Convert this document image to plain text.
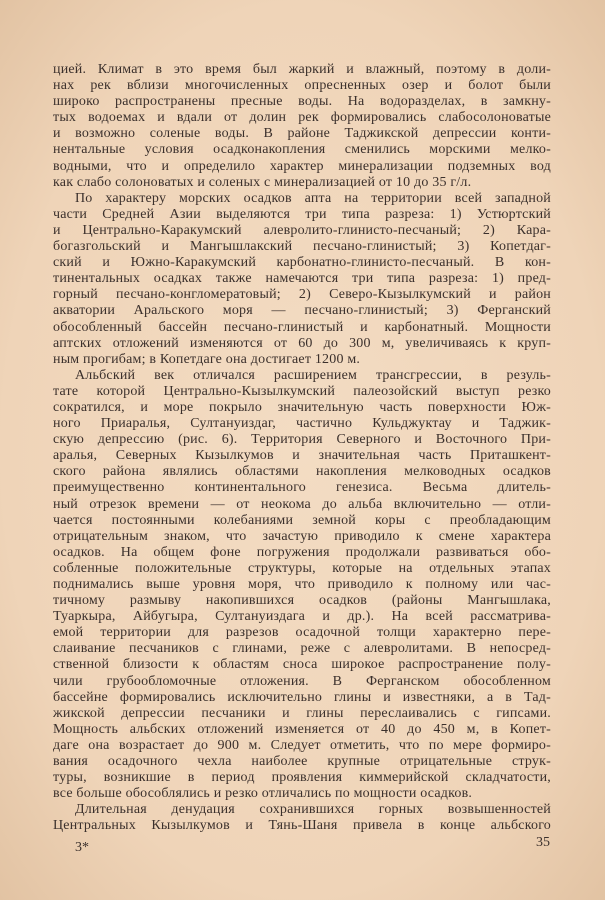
цией. Климат в это время был жаркий и влажный, поэтому в доли-
нах рек вблизи многочисленных опресненных озер и болот были
широко распространены пресные воды. На водоразделах, в замкну-
тых водоемах и вдали от долин рек формировались слабосолоноватые
и возможно соленые воды. В районе Таджикской депрессии конти-
нентальные условия осадконакопления сменились морскими мелко-
водными, что и определило характер минерализации подземных вод
как слабо солоноватых и соленых с минерализацией от 10 до 35 г/л.
По характеру морских осадков апта на территории всей западной
части Средней Азии выделяются три типа разреза: 1) Устюртский
и Центрально-Каракумский алевролито-глинисто-песчаный; 2) Кара-
богазгольский и Мангышлакский песчано-глинистый; 3) Копетдаг-
ский и Южно-Каракумский карбонатно-глинисто-песчаный. В кон-
тинентальных осадках также намечаются три типа разреза: 1) пред-
горный песчано-конгломератовый; 2) Северо-Кызылкумский и район
акватории Аральского моря — песчано-глинистый; 3) Ферганский
обособленный бассейн песчано-глинистый и карбонатный. Мощности
аптских отложений изменяются от 60 до 300 м, увеличиваясь к круп-
ным прогибам; в Копетдаге она достигает 1200 м.
Альбский век отличался расширением трансгрессии, в резуль-
тате которой Центрально-Кызылкумский палеозойский выступ резко
сократился, и море покрыло значительную часть поверхности Юж-
ного Приаралья, Султануиздаг, частично Кульджуктау и Таджик-
скую депрессию (рис. 6). Территория Северного и Восточного При-
аралья, Северных Кызылкумов и значительная часть Приташкент-
ского района являлись областями накопления мелководных осадков
преимущественно континентального генезиса. Весьма длитель-
ный отрезок времени — от неокома до альба включительно — отли-
чается постоянными колебаниями земной коры с преобладающим
отрицательным знаком, что зачастую приводило к смене характера
осадков. На общем фоне погружения продолжали развиваться обо-
собленные положительные структуры, которые на отдельных этапах
поднимались выше уровня моря, что приводило к полному или час-
тичному размыву накопившихся осадков (районы Мангышлака,
Туаркыра, Айбугыра, Султануиздага и др.). На всей рассматрива-
емой территории для разрезов осадочной толщи характерно пере-
слаивание песчаников с глинами, реже с алевролитами. В непосред-
ственной близости к областям сноса широкое распространение полу-
чили грубообломочные отложения. В Ферганском обособленном
бассейне формировались исключительно глины и известняки, а в Тад-
жикской депрессии песчаники и глины переслаивались с гипсами.
Мощность альбских отложений изменяется от 40 до 450 м, в Копет-
даге она возрастает до 900 м. Следует отметить, что по мере формиро-
вания осадочного чехла наиболее крупные отрицательные струк-
туры, возникшие в период проявления киммерийской складчатости,
все больше обособлялись и резко отличались по мощности осадков.
Длительная денудация сохранившихся горных возвышенностей
Центральных Кызылкумов и Тянь-Шаня привела в конце альбского
3*	35
